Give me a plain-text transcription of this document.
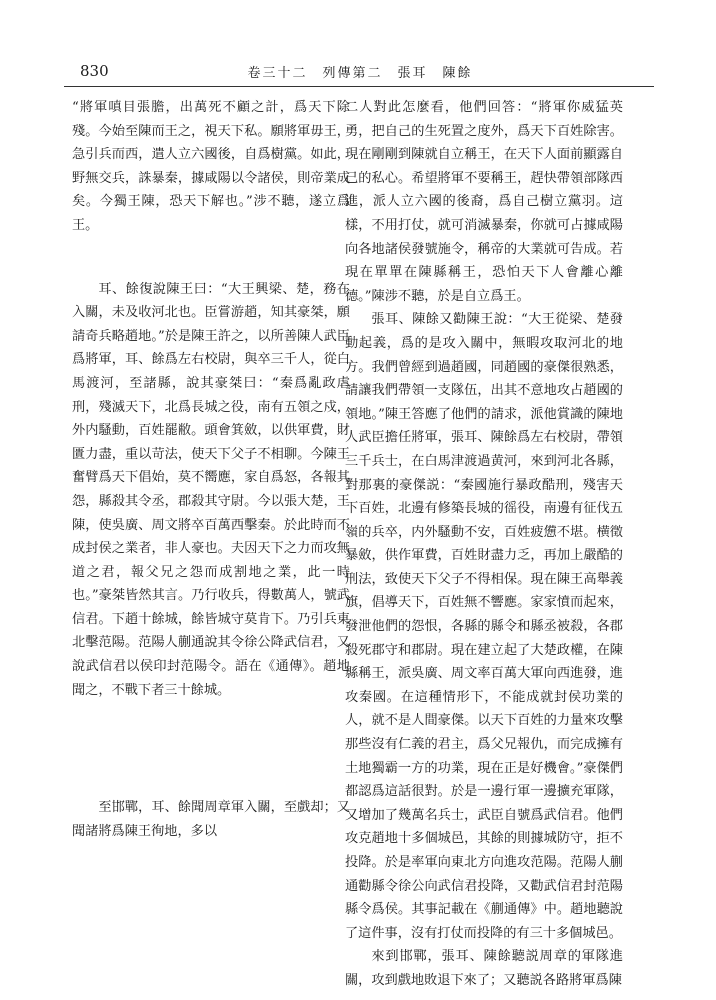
830	卷三十二　列傳第二　張耳　陳餘

“將軍嗔目張膽，出萬死不顧之計，爲天下除殘。今始至陳而王之，視天下私。願將軍毋王，急引兵而西，遣人立六國後，自爲樹黨。如此，野無交兵，誅暴秦，據咸陽以令諸侯，則帝業成矣。今獨王陳，恐天下解也。”涉不聽，遂立爲王。

耳、餘復說陳王曰：“大王興梁、楚，務在入關，未及收河北也。臣嘗游趙，知其豪桀，願請奇兵略趙地。”於是陳王許之，以所善陳人武臣爲將軍，耳、餘爲左右校尉，與卒三千人，從白馬渡河，至諸縣，說其豪桀曰：“秦爲亂政虐刑，殘滅天下，北爲長城之役，南有五領之戍，外内騷動，百姓罷敝。頭會箕斂，以供軍費，財匱力盡，重以苛法，使天下父子不相聊。今陳王奮臂爲天下倡始，莫不嚮應，家自爲怒，各報其怨，縣殺其令丞，郡殺其守尉。今以張大楚，王陳，使吳廣、周文將卒百萬西擊秦。於此時而不成封侯之業者，非人豪也。夫因天下之力而攻無道之君，報父兄之怨而成割地之業，此一時也。”豪桀皆然其言。乃行收兵，得數萬人，號武信君。下趙十餘城，餘皆城守莫肯下。乃引兵東北擊范陽。范陽人蒯通說其令徐公降武信君，又說武信君以侯印封范陽令。語在《通傳》。趙地聞之，不戰下者三十餘城。

至邯鄲，耳、餘聞周章軍入關，至戲却；又聞諸將爲陳王徇地，多以

二人對此怎麼看，他們回答：“將軍你威猛英勇，把自己的生死置之度外，爲天下百姓除害。現在剛剛到陳就自立稱王，在天下人面前顯露自己的私心。希望將軍不要稱王，趕快帶領部隊西進，派人立六國的後裔，爲自己樹立黨羽。這樣，不用打仗，就可消滅暴秦，你就可占據咸陽向各地諸侯發號施令，稱帝的大業就可告成。若現在單單在陳縣稱王，恐怕天下人會離心離德。”陳涉不聽，於是自立爲王。

張耳、陳餘又勸陳王說：“大王從梁、楚發動起義，爲的是攻入關中，無暇攻取河北的地方。我們曾經到過趙國，同趙國的豪傑很熟悉，請讓我們帶領一支隊伍，出其不意地攻占趙國的領地。”陳王答應了他們的請求，派他賞識的陳地人武臣擔任將軍，張耳、陳餘爲左右校尉，帶領三千兵士，在白馬津渡過黄河，來到河北各縣，對那裏的豪傑説：“秦國施行暴政酷刑，殘害天下百姓，北邊有修築長城的徭役，南邊有征伐五嶺的兵卒，内外騷動不安，百姓疲憊不堪。横徵暴斂，供作軍費，百姓財盡力乏，再加上嚴酷的刑法，致使天下父子不得相保。現在陳王高舉義旗，倡導天下，百姓無不響應。家家憤而起來，發泄他們的怨恨，各縣的縣令和縣丞被殺，各郡殺死郡守和郡尉。現在建立起了大楚政權，在陳縣稱王，派吳廣、周文率百萬大軍向西進發，進攻秦國。在這種情形下，不能成就封侯功業的人，就不是人間豪傑。以天下百姓的力量來攻擊那些沒有仁義的君主，爲父兄報仇，而完成擁有土地獨霸一方的功業，現在正是好機會。”豪傑們都認爲這話很對。於是一邊行軍一邊擴充軍隊，又增加了幾萬名兵士，武臣自號爲武信君。他們攻克趙地十多個城邑，其餘的則據城防守，拒不投降。於是率軍向東北方向進攻范陽。范陽人蒯通勸縣令徐公向武信君投降，又勸武信君封范陽縣令爲侯。其事記載在《蒯通傳》中。趙地聽說了這件事，沒有打仗而投降的有三十多個城邑。

來到邯鄲，張耳、陳餘聽説周章的軍隊進關，攻到戲地敗退下來了；又聽説各路將軍爲陳
